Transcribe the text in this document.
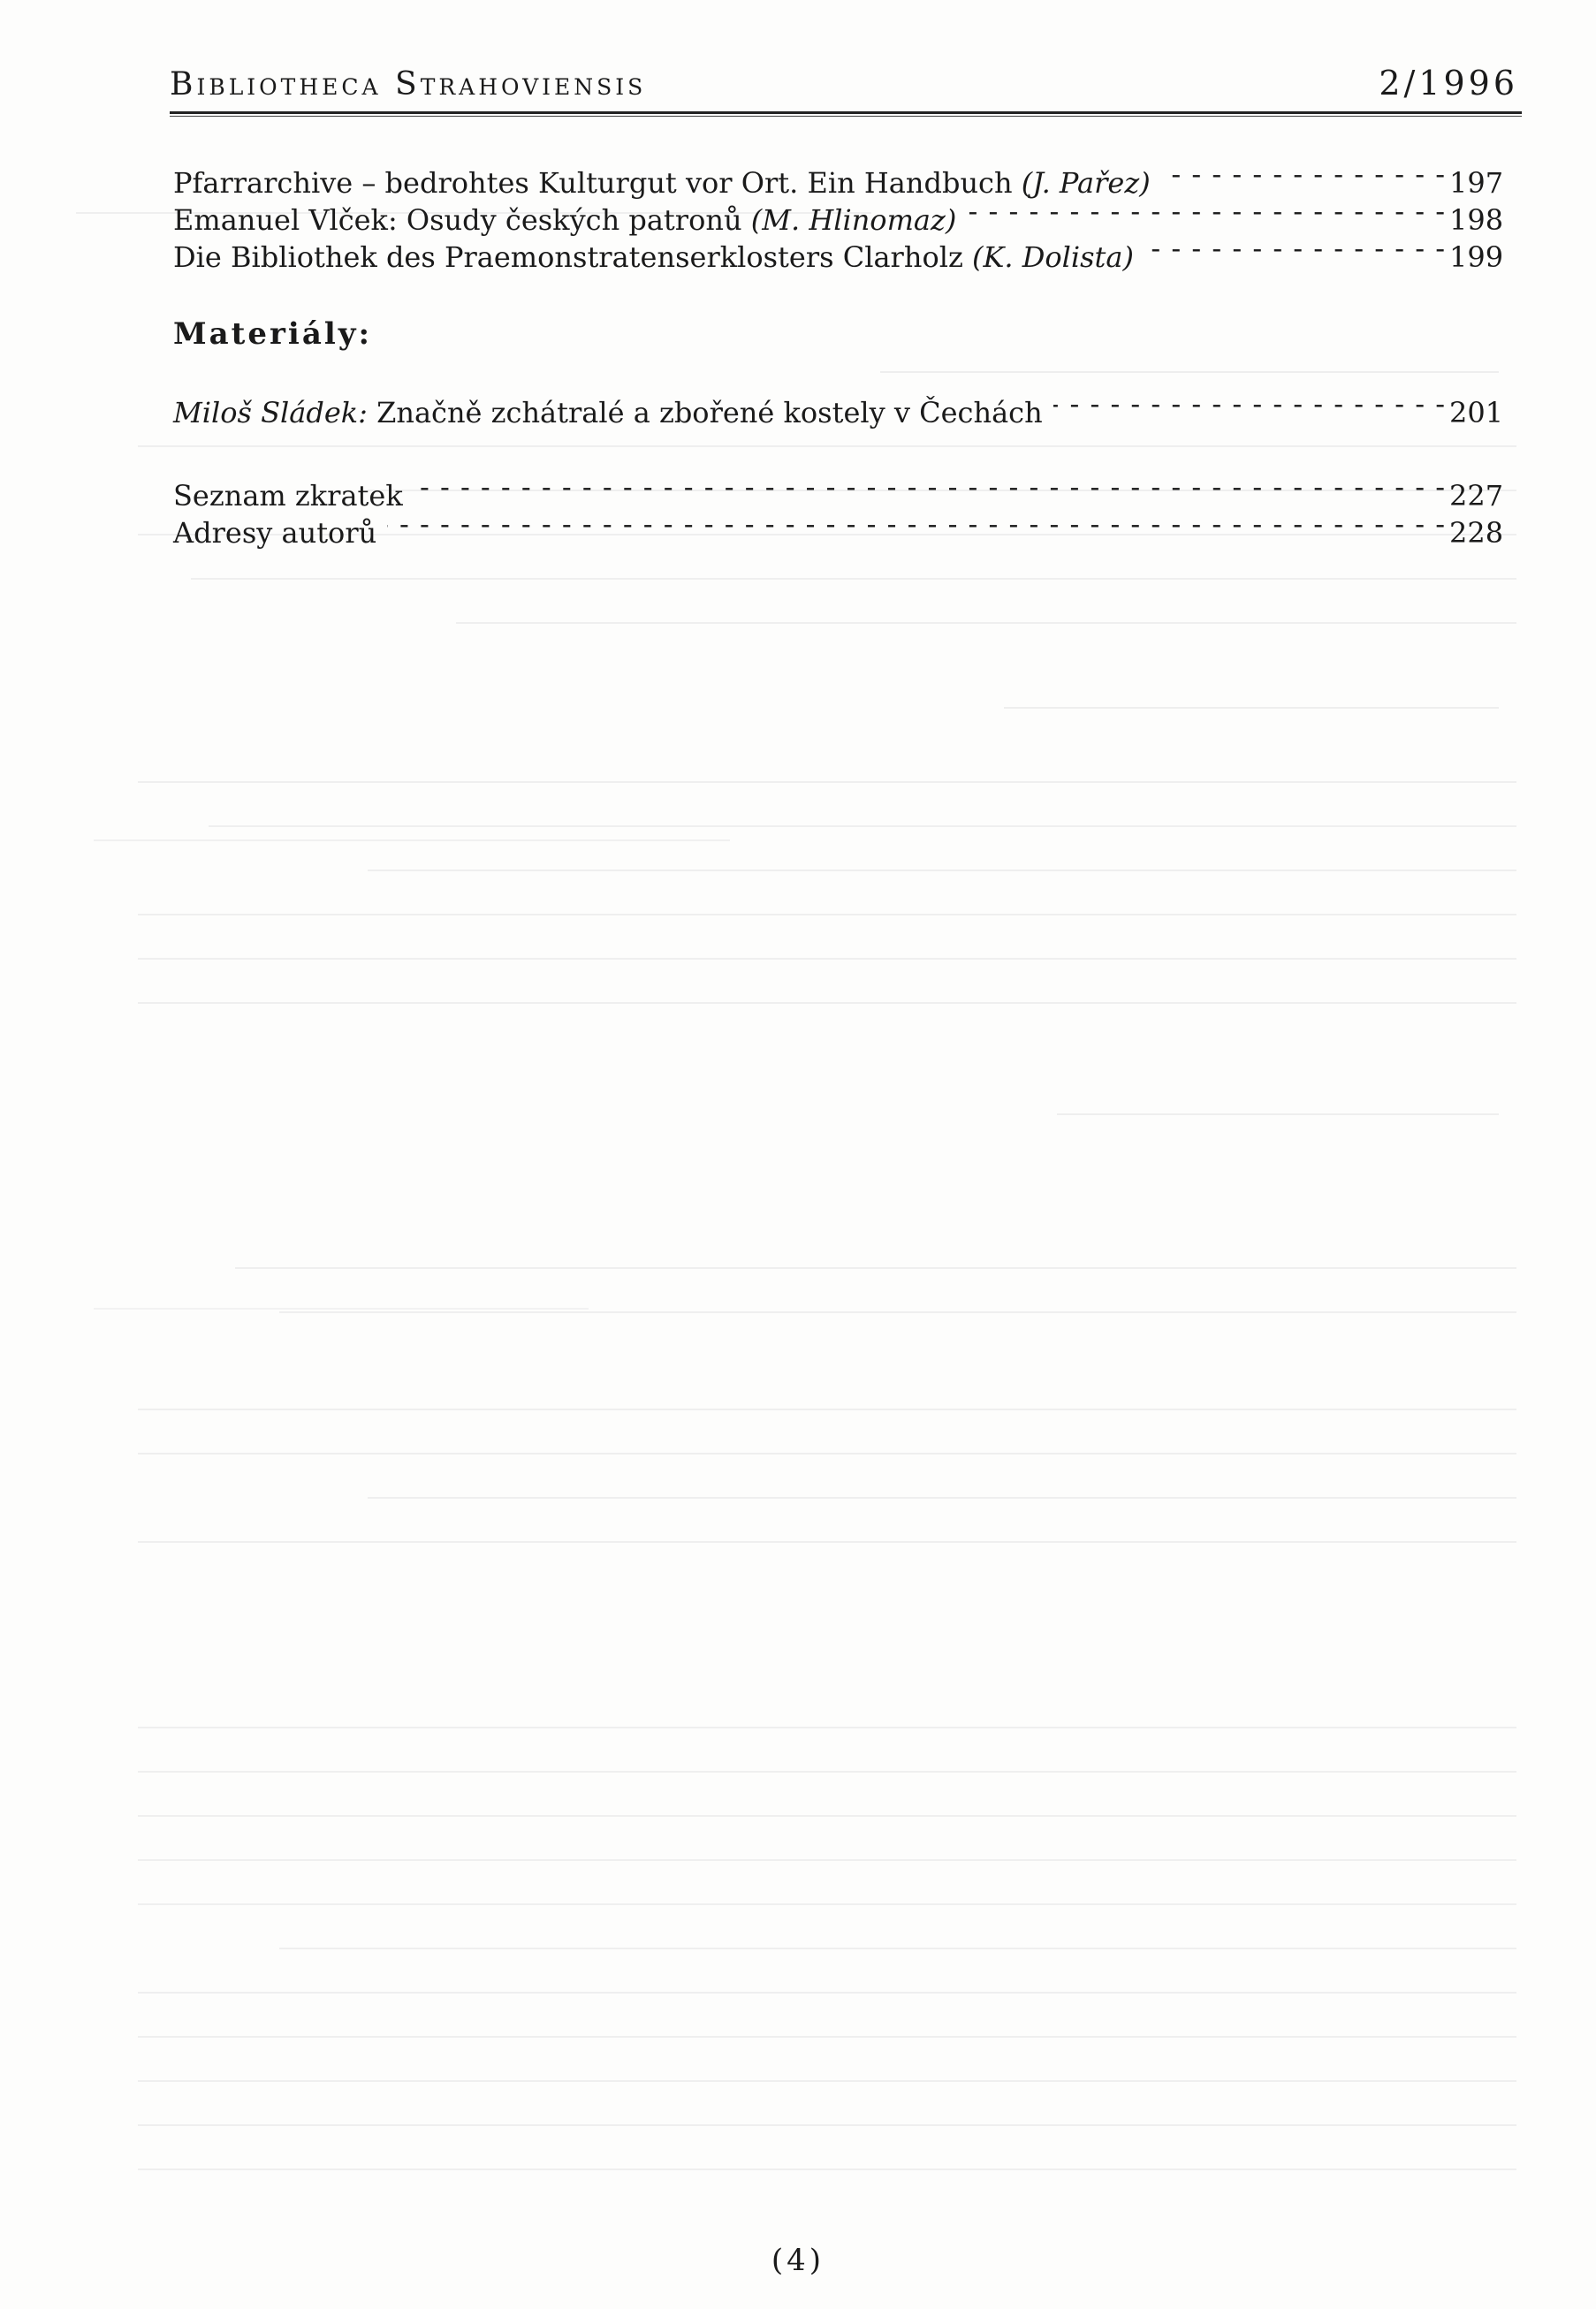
Bibliotheca Strahoviensis	2/1996
Pfarrarchive – bedrohtes Kulturgut vor Ort. Ein Handbuch (J. Pařez) - - -	197
Emanuel Vlček: Osudy českých patronů (M. Hlinomaz) - - -	198
Die Bibliothek des Praemonstratenserklosters Clarholz (K. Dolista) - - -	199
Materiály:
Miloš Sládek: Značně zchátralé a zbořené kostely v Čechách - - -	201
Seznam zkratek - - -	227
Adresy autorů - - -	228
(4)
